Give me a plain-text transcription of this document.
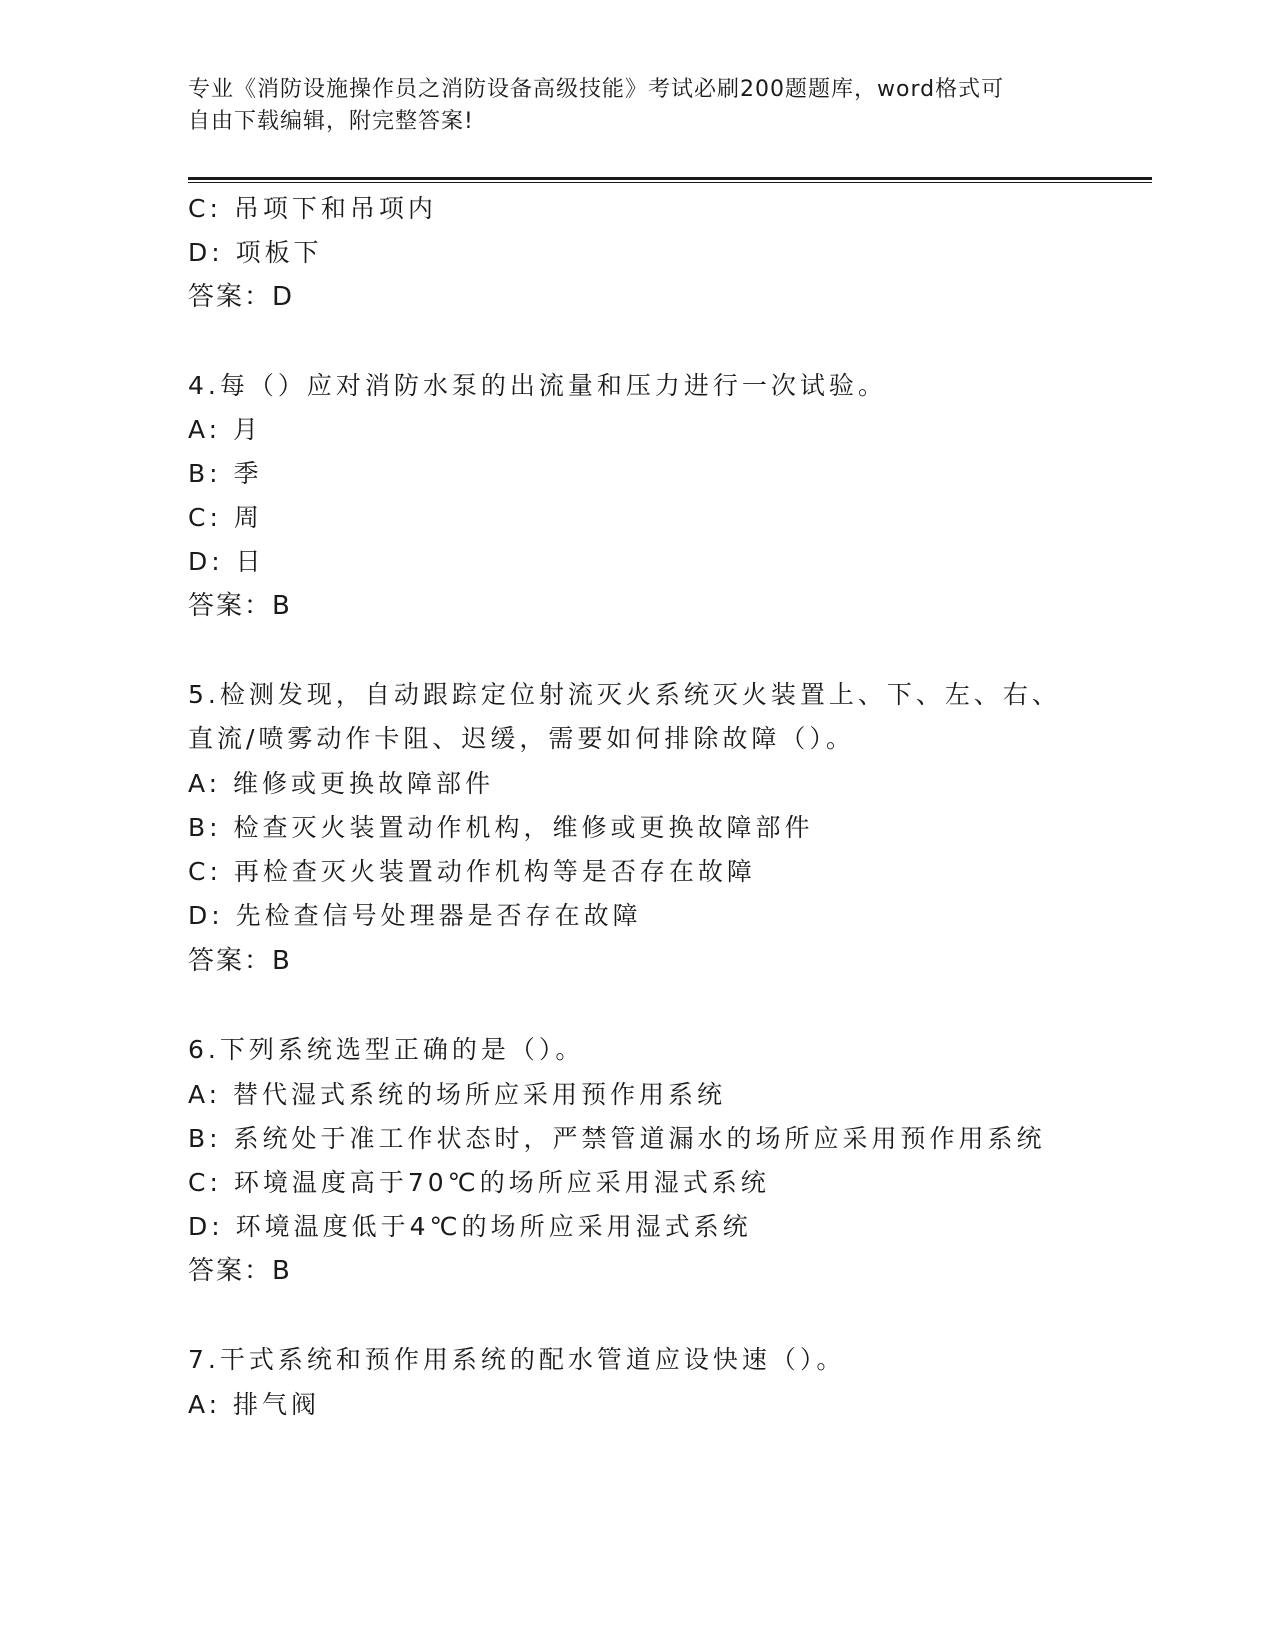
专业《消防设施操作员之消防设备高级技能》考试必刷200题题库，word格式可
自由下载编辑，附完整答案!
C: 吊项下和吊项内
D: 项板下
答案：D
4.每（）应对消防水泵的出流量和压力进行一次试验。
A: 月
B: 季
C: 周
D: 日
答案：B
5.检测发现，自动跟踪定位射流灭火系统灭火装置上、下、左、右、
直流/喷雾动作卡阻、迟缓，需要如何排除故障（）。
A: 维修或更换故障部件
B: 检查灭火装置动作机构，维修或更换故障部件
C: 再检查灭火装置动作机构等是否存在故障
D: 先检查信号处理器是否存在故障
答案：B
6.下列系统选型正确的是（）。
A: 替代湿式系统的场所应采用预作用系统
B: 系统处于准工作状态时，严禁管道漏水的场所应采用预作用系统
C: 环境温度高于70℃的场所应采用湿式系统
D: 环境温度低于4℃的场所应采用湿式系统
答案：B
7.干式系统和预作用系统的配水管道应设快速（）。
A: 排气阀
